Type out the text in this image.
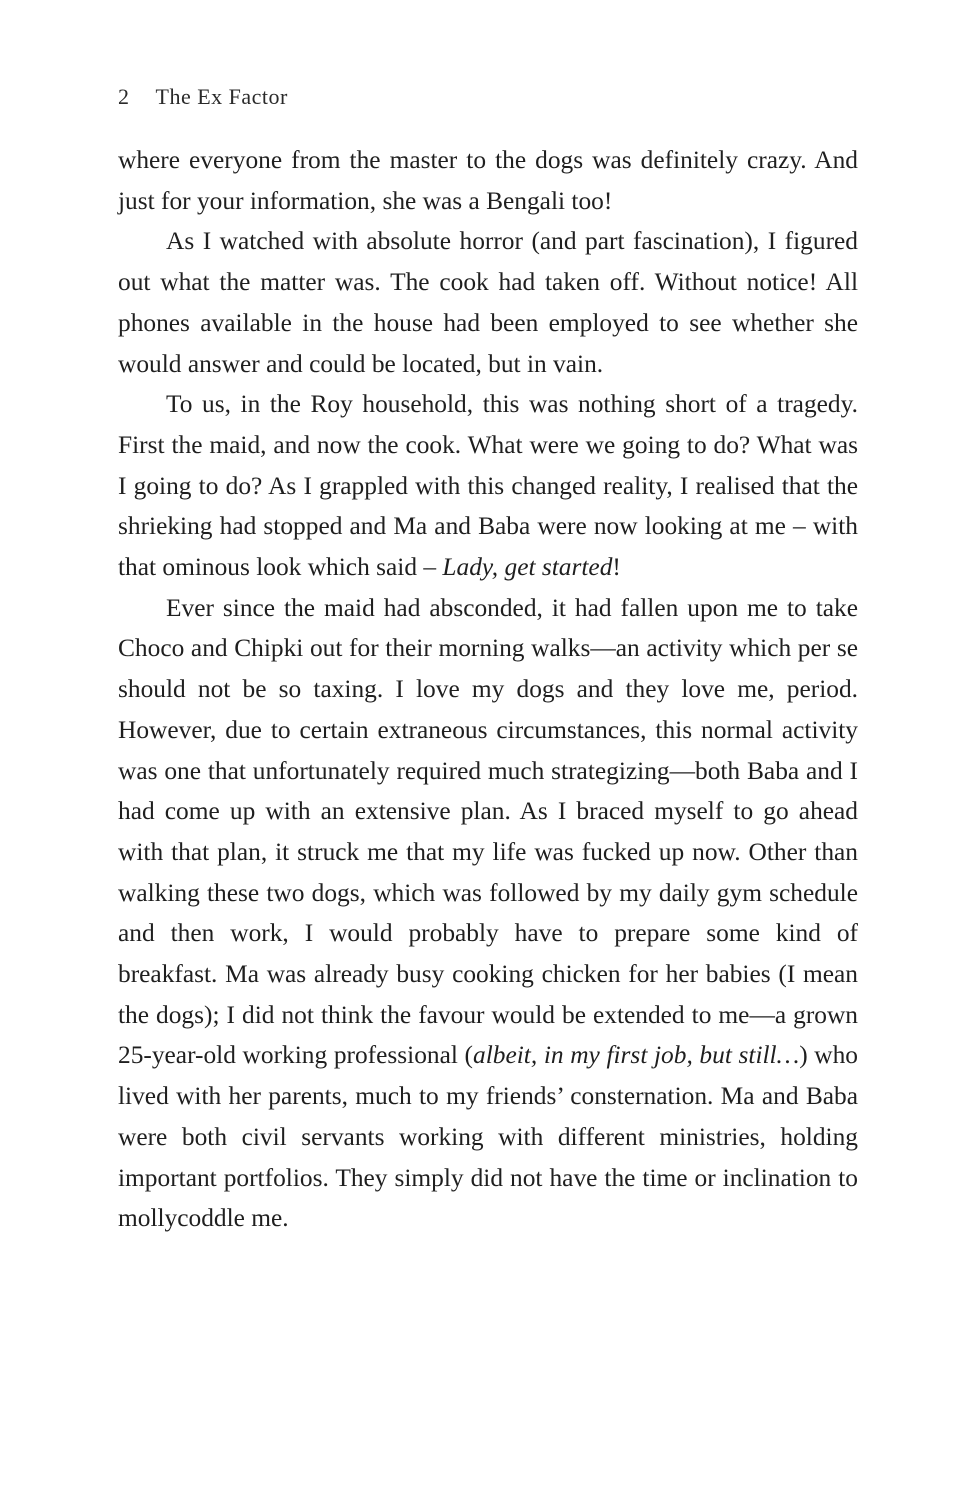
2 The Ex Factor

where everyone from the master to the dogs was definitely crazy. And just for your information, she was a Bengali too!

As I watched with absolute horror (and part fascination), I figured out what the matter was. The cook had taken off. Without notice! All phones available in the house had been employed to see whether she would answer and could be located, but in vain.

To us, in the Roy household, this was nothing short of a tragedy. First the maid, and now the cook. What were we going to do? What was I going to do? As I grappled with this changed reality, I realised that the shrieking had stopped and Ma and Baba were now looking at me – with that ominous look which said – Lady, get started!

Ever since the maid had absconded, it had fallen upon me to take Choco and Chipki out for their morning walks—an activity which per se should not be so taxing. I love my dogs and they love me, period. However, due to certain extraneous circumstances, this normal activity was one that unfortunately required much strategizing—both Baba and I had come up with an extensive plan. As I braced myself to go ahead with that plan, it struck me that my life was fucked up now. Other than walking these two dogs, which was followed by my daily gym schedule and then work, I would probably have to prepare some kind of breakfast. Ma was already busy cooking chicken for her babies (I mean the dogs); I did not think the favour would be extended to me—a grown 25-year-old working professional (albeit, in my first job, but still…) who lived with her parents, much to my friends’ consternation. Ma and Baba were both civil servants working with different ministries, holding important portfolios. They simply did not have the time or inclination to mollycoddle me.
